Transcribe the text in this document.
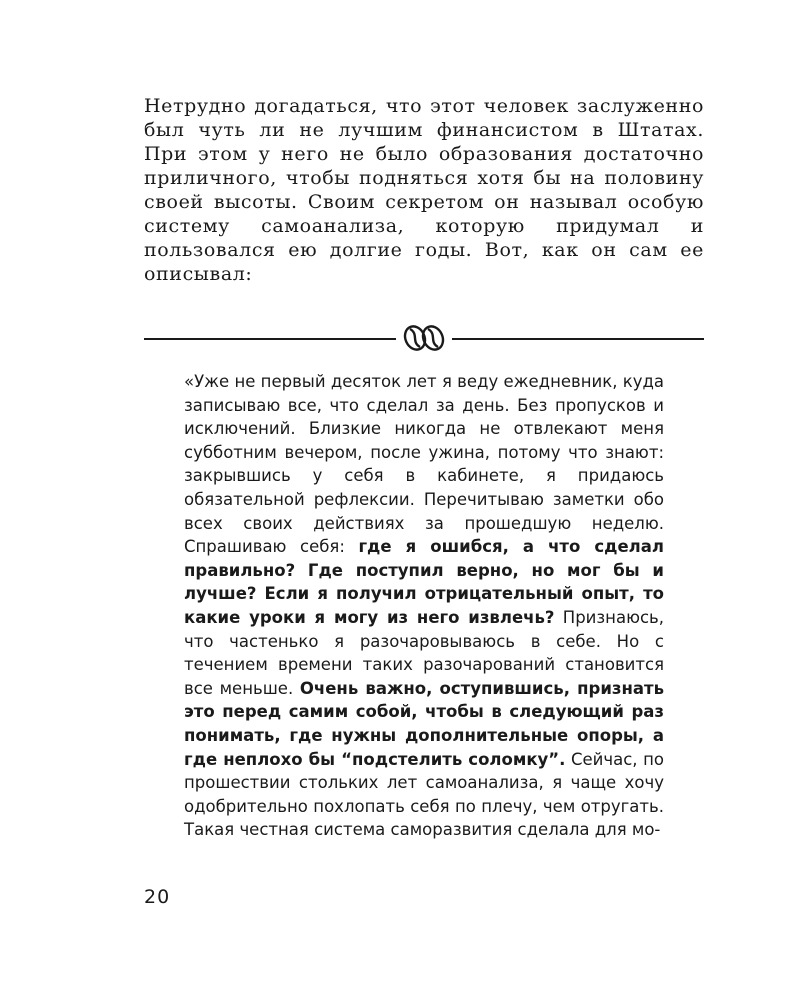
Нетрудно догадаться, что этот человек заслуженно был чуть ли не лучшим финансистом в Штатах. При этом у него не было образования достаточно приличного, чтобы подняться хотя бы на половину своей высоты. Своим секретом он называл особую систему самоанализа, которую придумал и пользовался ею долгие годы. Вот, как он сам ее описывал:

«Уже не первый десяток лет я веду ежедневник, куда записываю все, что сделал за день. Без пропусков и исключений. Близкие никогда не отвлекают меня субботним вечером, после ужина, потому что знают: закрывшись у себя в кабинете, я придаюсь обязательной рефлексии. Перечитываю заметки обо всех своих действиях за прошедшую неделю. Спрашиваю себя: где я ошибся, а что сделал правильно? Где поступил верно, но мог бы и лучше? Если я получил отрицательный опыт, то какие уроки я могу из него извлечь? Признаюсь, что частенько я разочаровываюсь в себе. Но с течением времени таких разочарований становится все меньше. Очень важно, оступившись, признать это перед самим собой, чтобы в следующий раз понимать, где нужны дополнительные опоры, а где неплохо бы “подстелить соломку”. Сейчас, по прошествии стольких лет самоанализа, я чаще хочу одобрительно похлопать себя по плечу, чем отругать. Такая честная система саморазвития сделала для мо-

20
